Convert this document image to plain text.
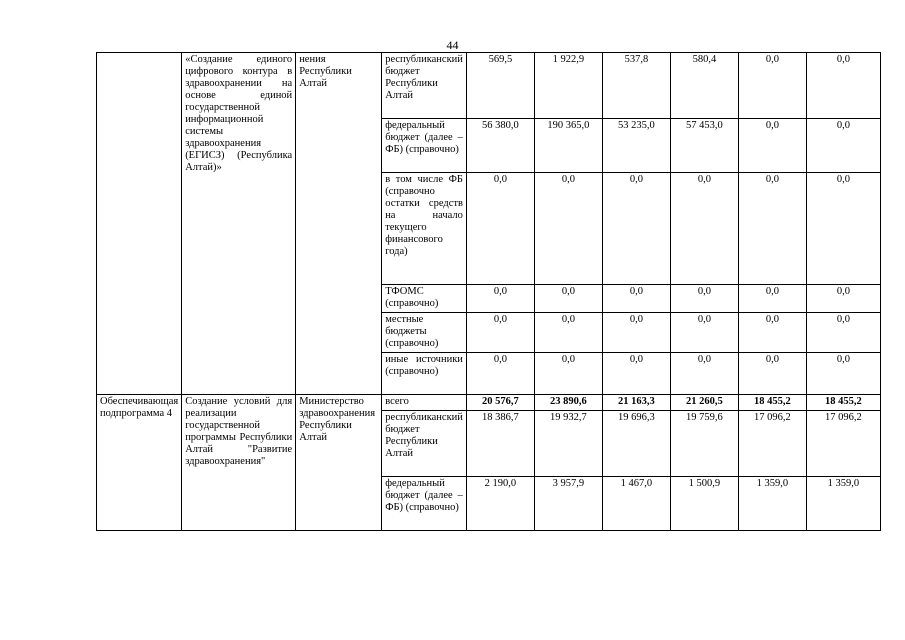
44
	«Создание единого цифрового контура в здравоохранении на основе единой государственной информационной системы здравоохранения (ЕГИСЗ) (Республика Алтай)»	нения Республики Алтай	республиканский бюджет Республики Алтай	569,5	1 922,9	537,8	580,4	0,0	0,0
			федеральный бюджет (далее – ФБ) (справочно)	56 380,0	190 365,0	53 235,0	57 453,0	0,0	0,0
			в том числе ФБ (справочно остатки средств на начало текущего финансового года)	0,0	0,0	0,0	0,0	0,0	0,0
			ТФОМС (справочно)	0,0	0,0	0,0	0,0	0,0	0,0
			местные бюджеты (справочно)	0,0	0,0	0,0	0,0	0,0	0,0
			иные источники (справочно)	0,0	0,0	0,0	0,0	0,0	0,0
Обеспечивающая подпрограмма 4	Создание условий для реализации государственной программы Республики Алтай "Развитие здравоохранения"	Министерство здравоохранения Республики Алтай	всего	20 576,7	23 890,6	21 163,3	21 260,5	18 455,2	18 455,2
			республиканский бюджет Республики Алтай	18 386,7	19 932,7	19 696,3	19 759,6	17 096,2	17 096,2
			федеральный бюджет (далее – ФБ) (справочно)	2 190,0	3 957,9	1 467,0	1 500,9	1 359,0	1 359,0
